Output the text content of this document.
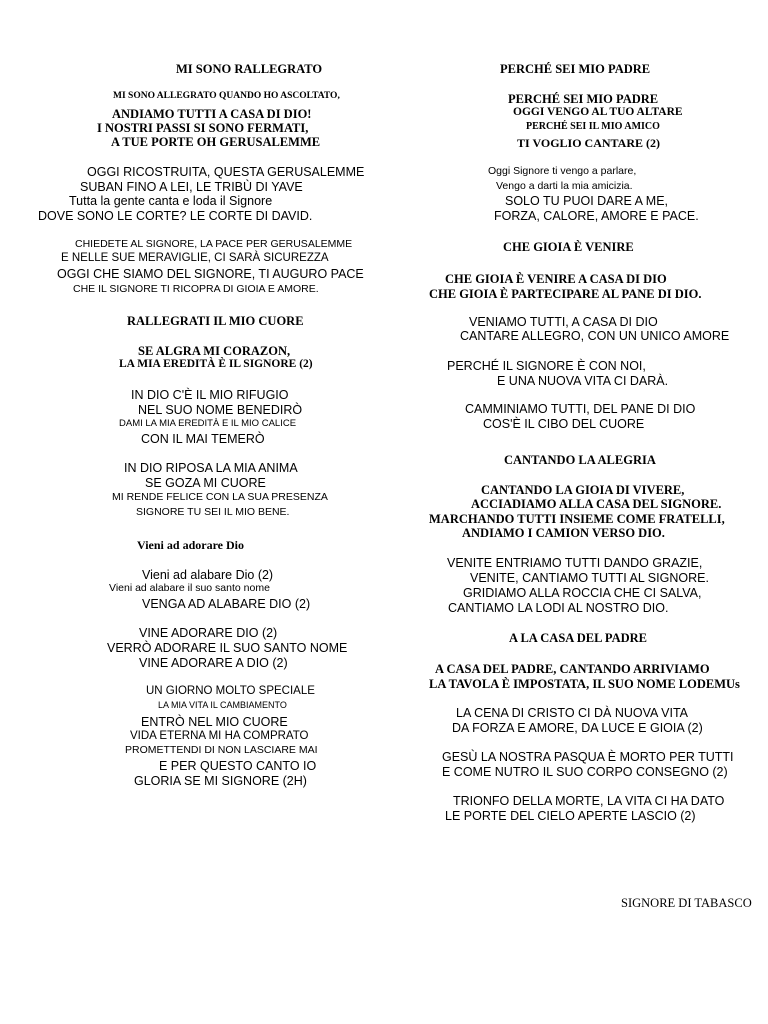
MI SONO RALLEGRATO
MI SONO ALLEGRATO QUANDO HO ASCOLTATO,
ANDIAMO TUTTI A CASA DI DIO!
I NOSTRI PASSI SI SONO FERMATI,
A TUE PORTE OH GERUSALEMME
OGGI RICOSTRUITA, QUESTA GERUSALEMME
SUBAN FINO A LEI, LE TRIBÙ DI YAVE
Tutta la gente canta e loda il Signore
DOVE SONO LE CORTE? LE CORTE DI DAVID.
CHIEDETE AL SIGNORE, LA PACE PER GERUSALEMME
E NELLE SUE MERAVIGLIE, CI SARÀ SICUREZZA
OGGI CHE SIAMO DEL SIGNORE, TI AUGURO PACE
CHE IL SIGNORE TI RICOPRA DI GIOIA E AMORE.
RALLEGRATI IL MIO CUORE
SE ALGRA MI CORAZON,
LA MIA EREDITÀ È IL SIGNORE (2)
IN DIO C'È IL MIO RIFUGIO
NEL SUO NOME BENEDIRÒ
DAMI LA MIA EREDITÀ E IL MIO CALICE
CON IL MAI TEMERÒ
IN DIO RIPOSA LA MIA ANIMA
SE GOZA MI CUORE
MI RENDE FELICE CON LA SUA PRESENZA
SIGNORE TU SEI IL MIO BENE.
Vieni ad adorare Dio
Vieni ad alabare Dio (2)
Vieni ad alabare il suo santo nome
VENGA AD ALABARE DIO (2)
VINE ADORARE DIO (2)
VERRÒ ADORARE IL SUO SANTO NOME
VINE ADORARE A DIO (2)
UN GIORNO MOLTO SPECIALE
LA MIA VITA IL CAMBIAMENTO
ENTRÒ NEL MIO CUORE
VIDA ETERNA MI HA COMPRATO
PROMETTENDI DI NON LASCIARE MAI
E PER QUESTO CANTO IO
GLORIA SE MI SIGNORE (2H)
PERCHÉ SEI MIO PADRE
PERCHÉ SEI MIO PADRE
OGGI VENGO AL TUO ALTARE
PERCHÉ SEI IL MIO AMICO
TI VOGLIO CANTARE (2)
Oggi Signore ti vengo a parlare,
Vengo a darti la mia amicizia.
SOLO TU PUOI DARE A ME,
FORZA, CALORE, AMORE E PACE.
CHE GIOIA È VENIRE
CHE GIOIA È VENIRE A CASA DI DIO
CHE GIOIA È PARTECIPARE AL PANE DI DIO.
VENIAMO TUTTI, A CASA DI DIO
CANTARE ALLEGRO, CON UN UNICO AMORE
PERCHÉ IL SIGNORE È CON NOI,
E UNA NUOVA VITA CI DARÀ.
CAMMINIAMO TUTTI, DEL PANE DI DIO
COS'È IL CIBO DEL CUORE
CANTANDO LA ALEGRIA
CANTANDO LA GIOIA DI VIVERE,
ACCIADIAMO ALLA CASA DEL SIGNORE.
MARCHANDO TUTTI INSIEME COME FRATELLI,
ANDIAMO I CAMION VERSO DIO.
VENITE ENTRIAMO TUTTI DANDO GRAZIE,
VENITE, CANTIAMO TUTTI AL SIGNORE.
GRIDIAMO ALLA ROCCIA CHE CI SALVA,
CANTIAMO LA LODI AL NOSTRO DIO.
A LA CASA DEL PADRE
A CASA DEL PADRE, CANTANDO ARRIVIAMO
LA TAVOLA È IMPOSTATA, IL SUO NOME LODEMUs
LA CENA DI CRISTO CI DÀ NUOVA VITA
DA FORZA E AMORE, DA LUCE E GIOIA (2)
GESÙ LA NOSTRA PASQUA È MORTO PER TUTTI
E COME NUTRO IL SUO CORPO CONSEGNO (2)
TRIONFO DELLA MORTE, LA VITA CI HA DATO
LE PORTE DEL CIELO APERTE LASCIO (2)
SIGNORE DI TABASCO
